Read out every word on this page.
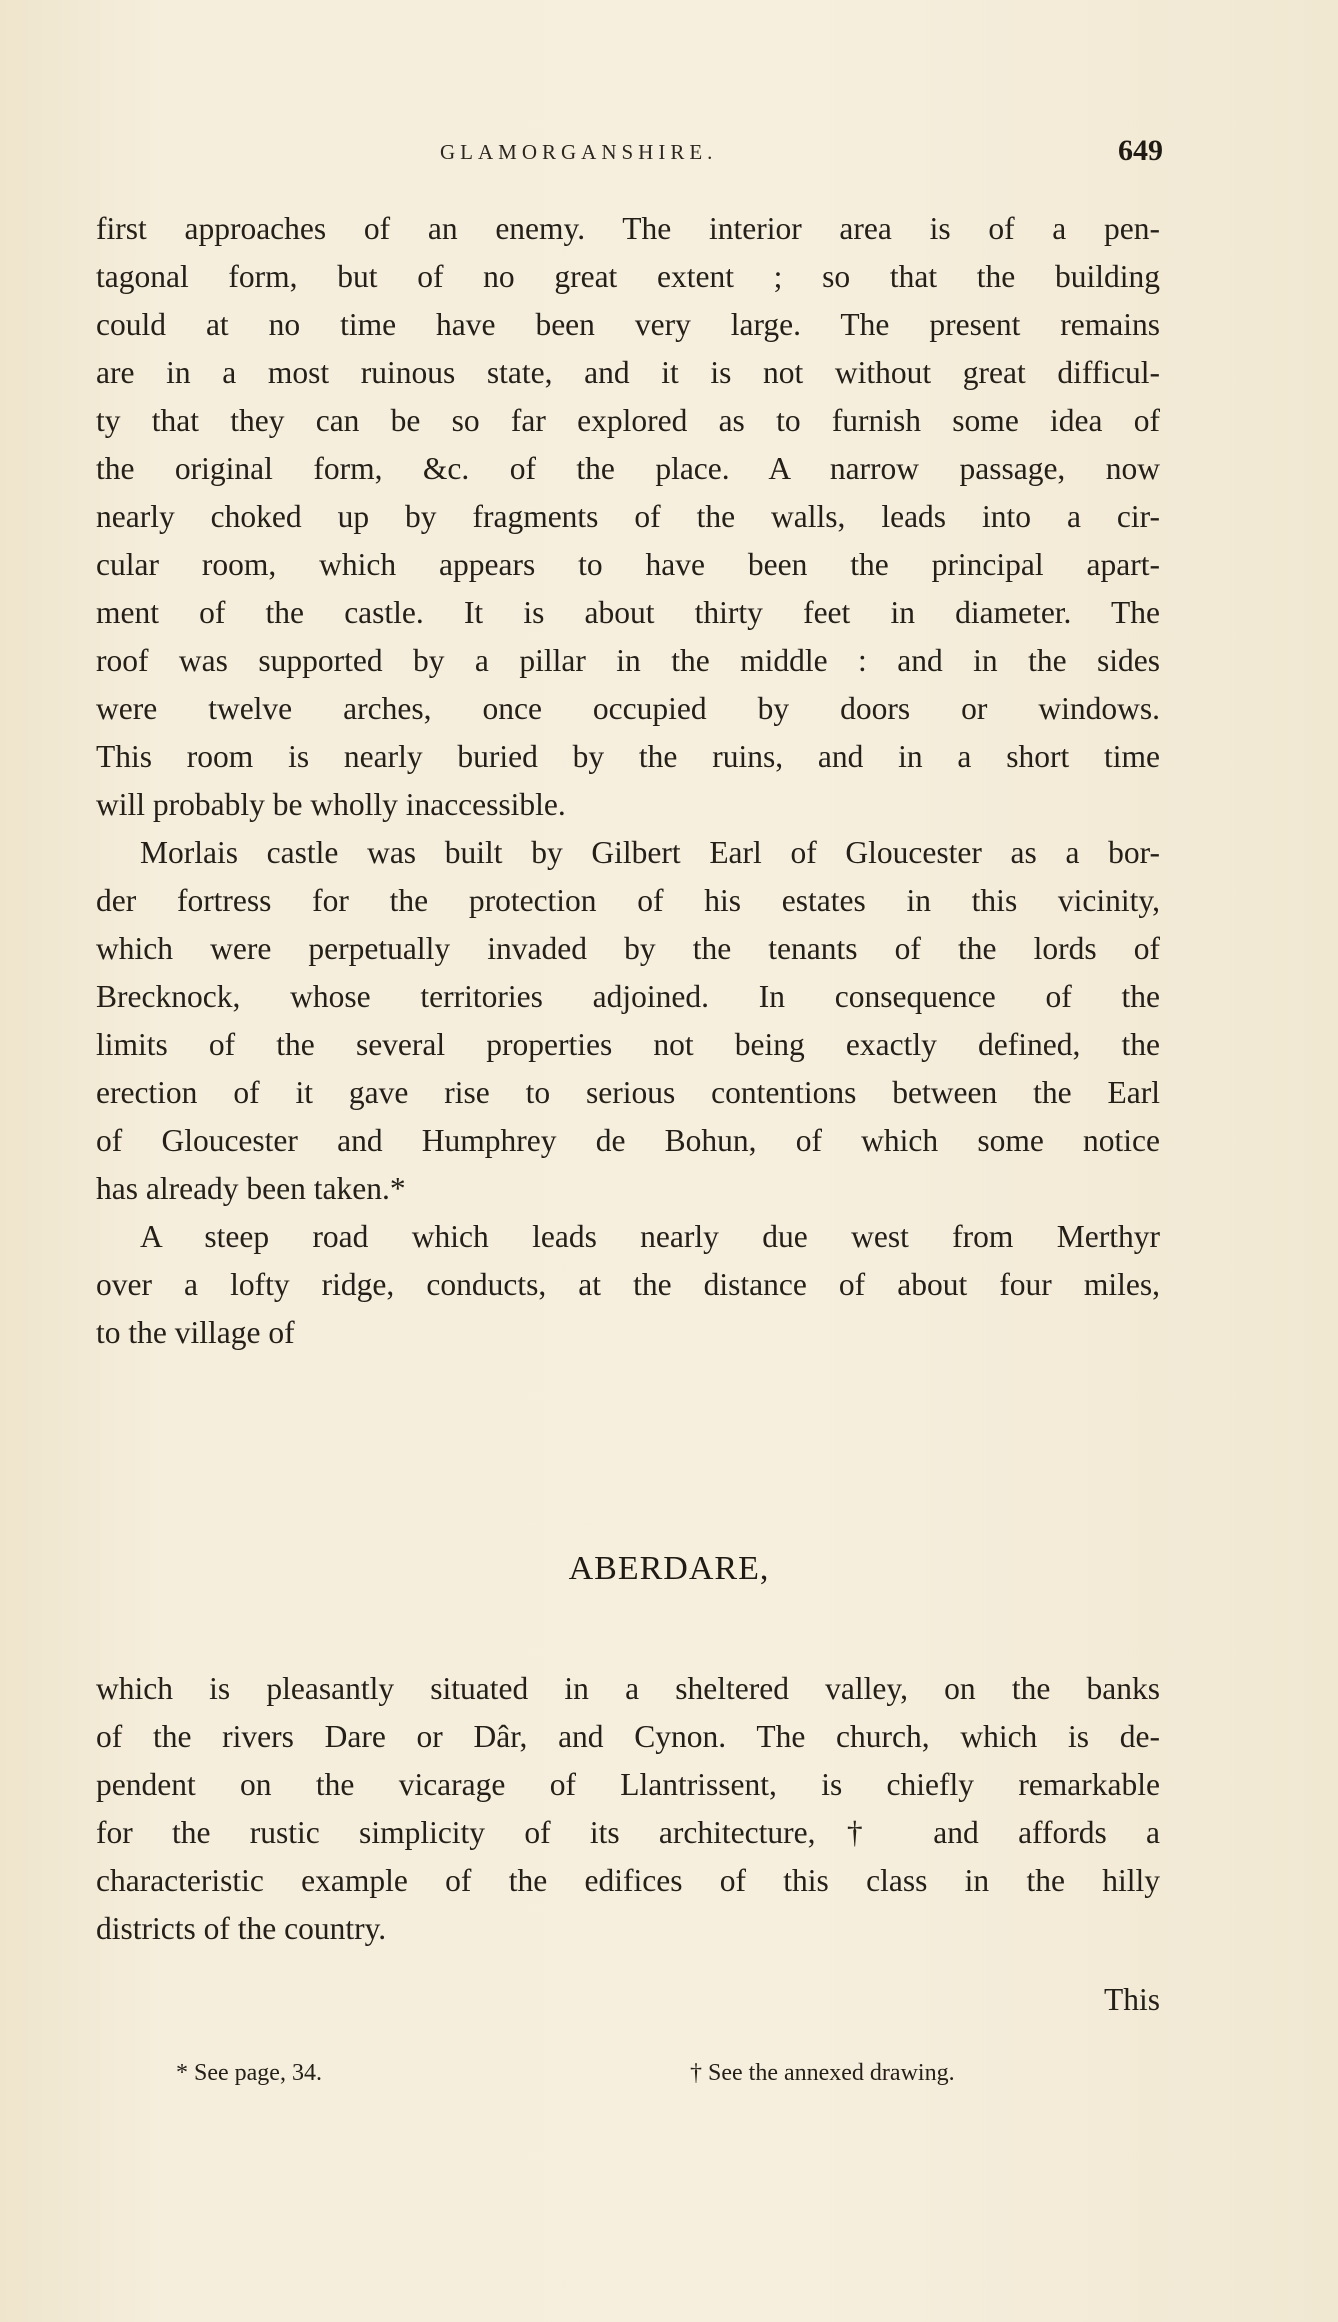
GLAMORGANSHIRE.	649
first approaches of an enemy. The interior area is of a pen-
tagonal form, but of no great extent ; so that the building
could at no time have been very large. The present remains
are in a most ruinous state, and it is not without great difficul-
ty that they can be so far explored as to furnish some idea of
the original form, &c. of the place. A narrow passage, now
nearly choked up by fragments of the walls, leads into a cir-
cular room, which appears to have been the principal apart-
ment of the castle. It is about thirty feet in diameter. The
roof was supported by a pillar in the middle : and in the sides
were twelve arches, once occupied by doors or windows.
This room is nearly buried by the ruins, and in a short time
will probably be wholly inaccessible.
Morlais castle was built by Gilbert Earl of Gloucester as a bor-
der fortress for the protection of his estates in this vicinity,
which were perpetually invaded by the tenants of the lords of
Brecknock, whose territories adjoined. In consequence of the
limits of the several properties not being exactly defined, the
erection of it gave rise to serious contentions between the Earl
of Gloucester and Humphrey de Bohun, of which some notice
has already been taken.*
A steep road which leads nearly due west from Merthyr
over a lofty ridge, conducts, at the distance of about four miles,
to the village of
ABERDARE,
which is pleasantly situated in a sheltered valley, on the banks
of the rivers Dare or Dâr, and Cynon. The church, which is de-
pendent on the vicarage of Llantrissent, is chiefly remarkable
for the rustic simplicity of its architecture,† and affords a
characteristic example of the edifices of this class in the hilly
districts of the country.
This
* See page, 34.	† See the annexed drawing.
